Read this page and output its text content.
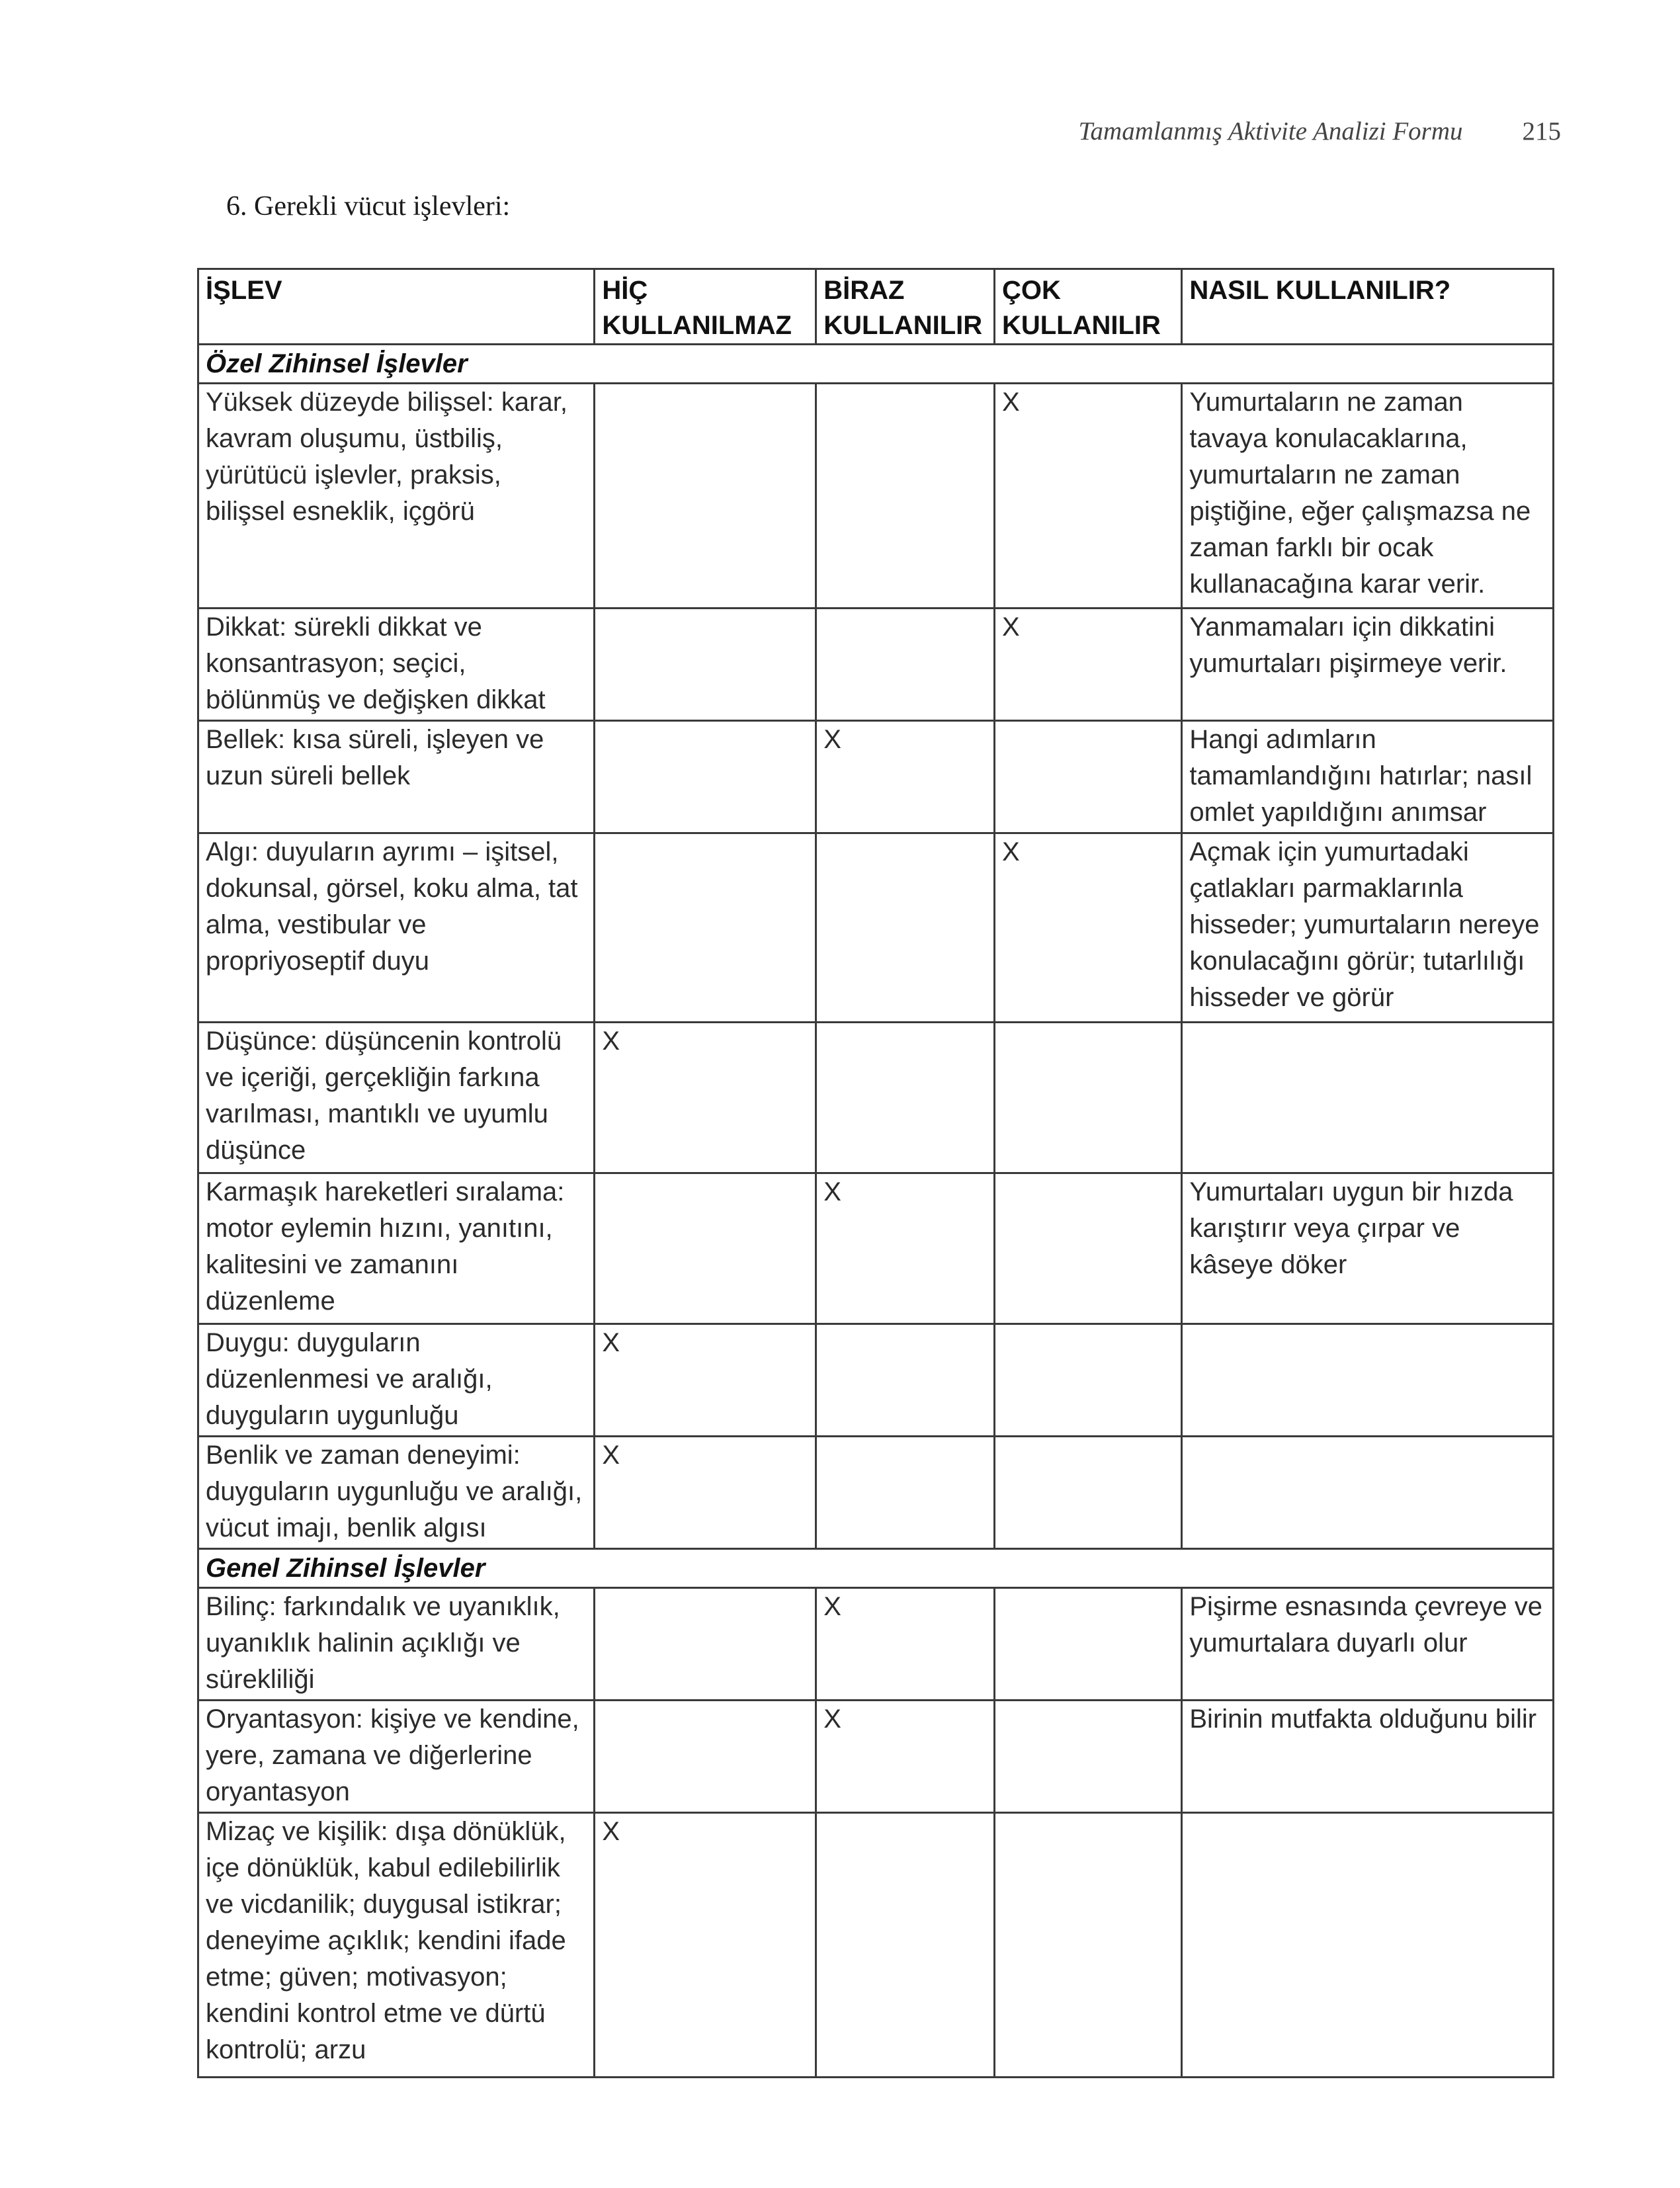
Tamamlanmış Aktivite Analizi Formu 215
6. Gerekli vücut işlevleri:
İŞLEV	HİÇ KULLANILMAZ	BİRAZ KULLANILIR	ÇOK KULLANILIR	NASIL KULLANILIR?
Özel Zihinsel İşlevler				
Yüksek düzeyde bilişsel: karar, kavram oluşumu, üstbiliş, yürütücü işlevler, praksis, bilişsel esneklik, içgörü			X	Yumurtaların ne zaman tavaya konulacaklarına, yumurtaların ne zaman piştiğine, eğer çalışmazsa ne zaman farklı bir ocak kullanacağına karar verir.
Dikkat: sürekli dikkat ve konsantrasyon; seçici, bölünmüş ve değişken dikkat			X	Yanmamaları için dikkatini yumurtaları pişirmeye verir.
Bellek: kısa süreli, işleyen ve uzun süreli bellek		X		Hangi adımların tamamlandığını hatırlar; nasıl omlet yapıldığını anımsar
Algı: duyuların ayrımı – işitsel, dokunsal, görsel, koku alma, tat alma, vestibular ve propriyoseptif duyu			X	Açmak için yumurtadaki çatlakları parmaklarınla hisseder; yumurtaların nereye konulacağını görür; tutarlılığı hisseder ve görür
Düşünce: düşüncenin kontrolü ve içeriği, gerçekliğin farkına varılması, mantıklı ve uyumlu düşünce	X			
Karmaşık hareketleri sıralama: motor eylemin hızını, yanıtını, kalitesini ve zamanını düzenleme		X		Yumurtaları uygun bir hızda karıştırır veya çırpar ve kâseye döker
Duygu: duyguların düzenlenmesi ve aralığı, duyguların uygunluğu	X			
Benlik ve zaman deneyimi: duyguların uygunluğu ve aralığı, vücut imajı, benlik algısı	X			
Genel Zihinsel İşlevler				
Bilinç: farkındalık ve uyanıklık, uyanıklık halinin açıklığı ve sürekliliği		X		Pişirme esnasında çevreye ve yumurtalara duyarlı olur
Oryantasyon: kişiye ve kendine, yere, zamana ve diğerlerine oryantasyon		X		Birinin mutfakta olduğunu bilir
Mizaç ve kişilik: dışa dönüklük, içe dönüklük, kabul edilebilirlik ve vicdanilik; duygusal istikrar; deneyime açıklık; kendini ifade etme; güven; motivasyon; kendini kontrol etme ve dürtü kontrolü; arzu	X			
